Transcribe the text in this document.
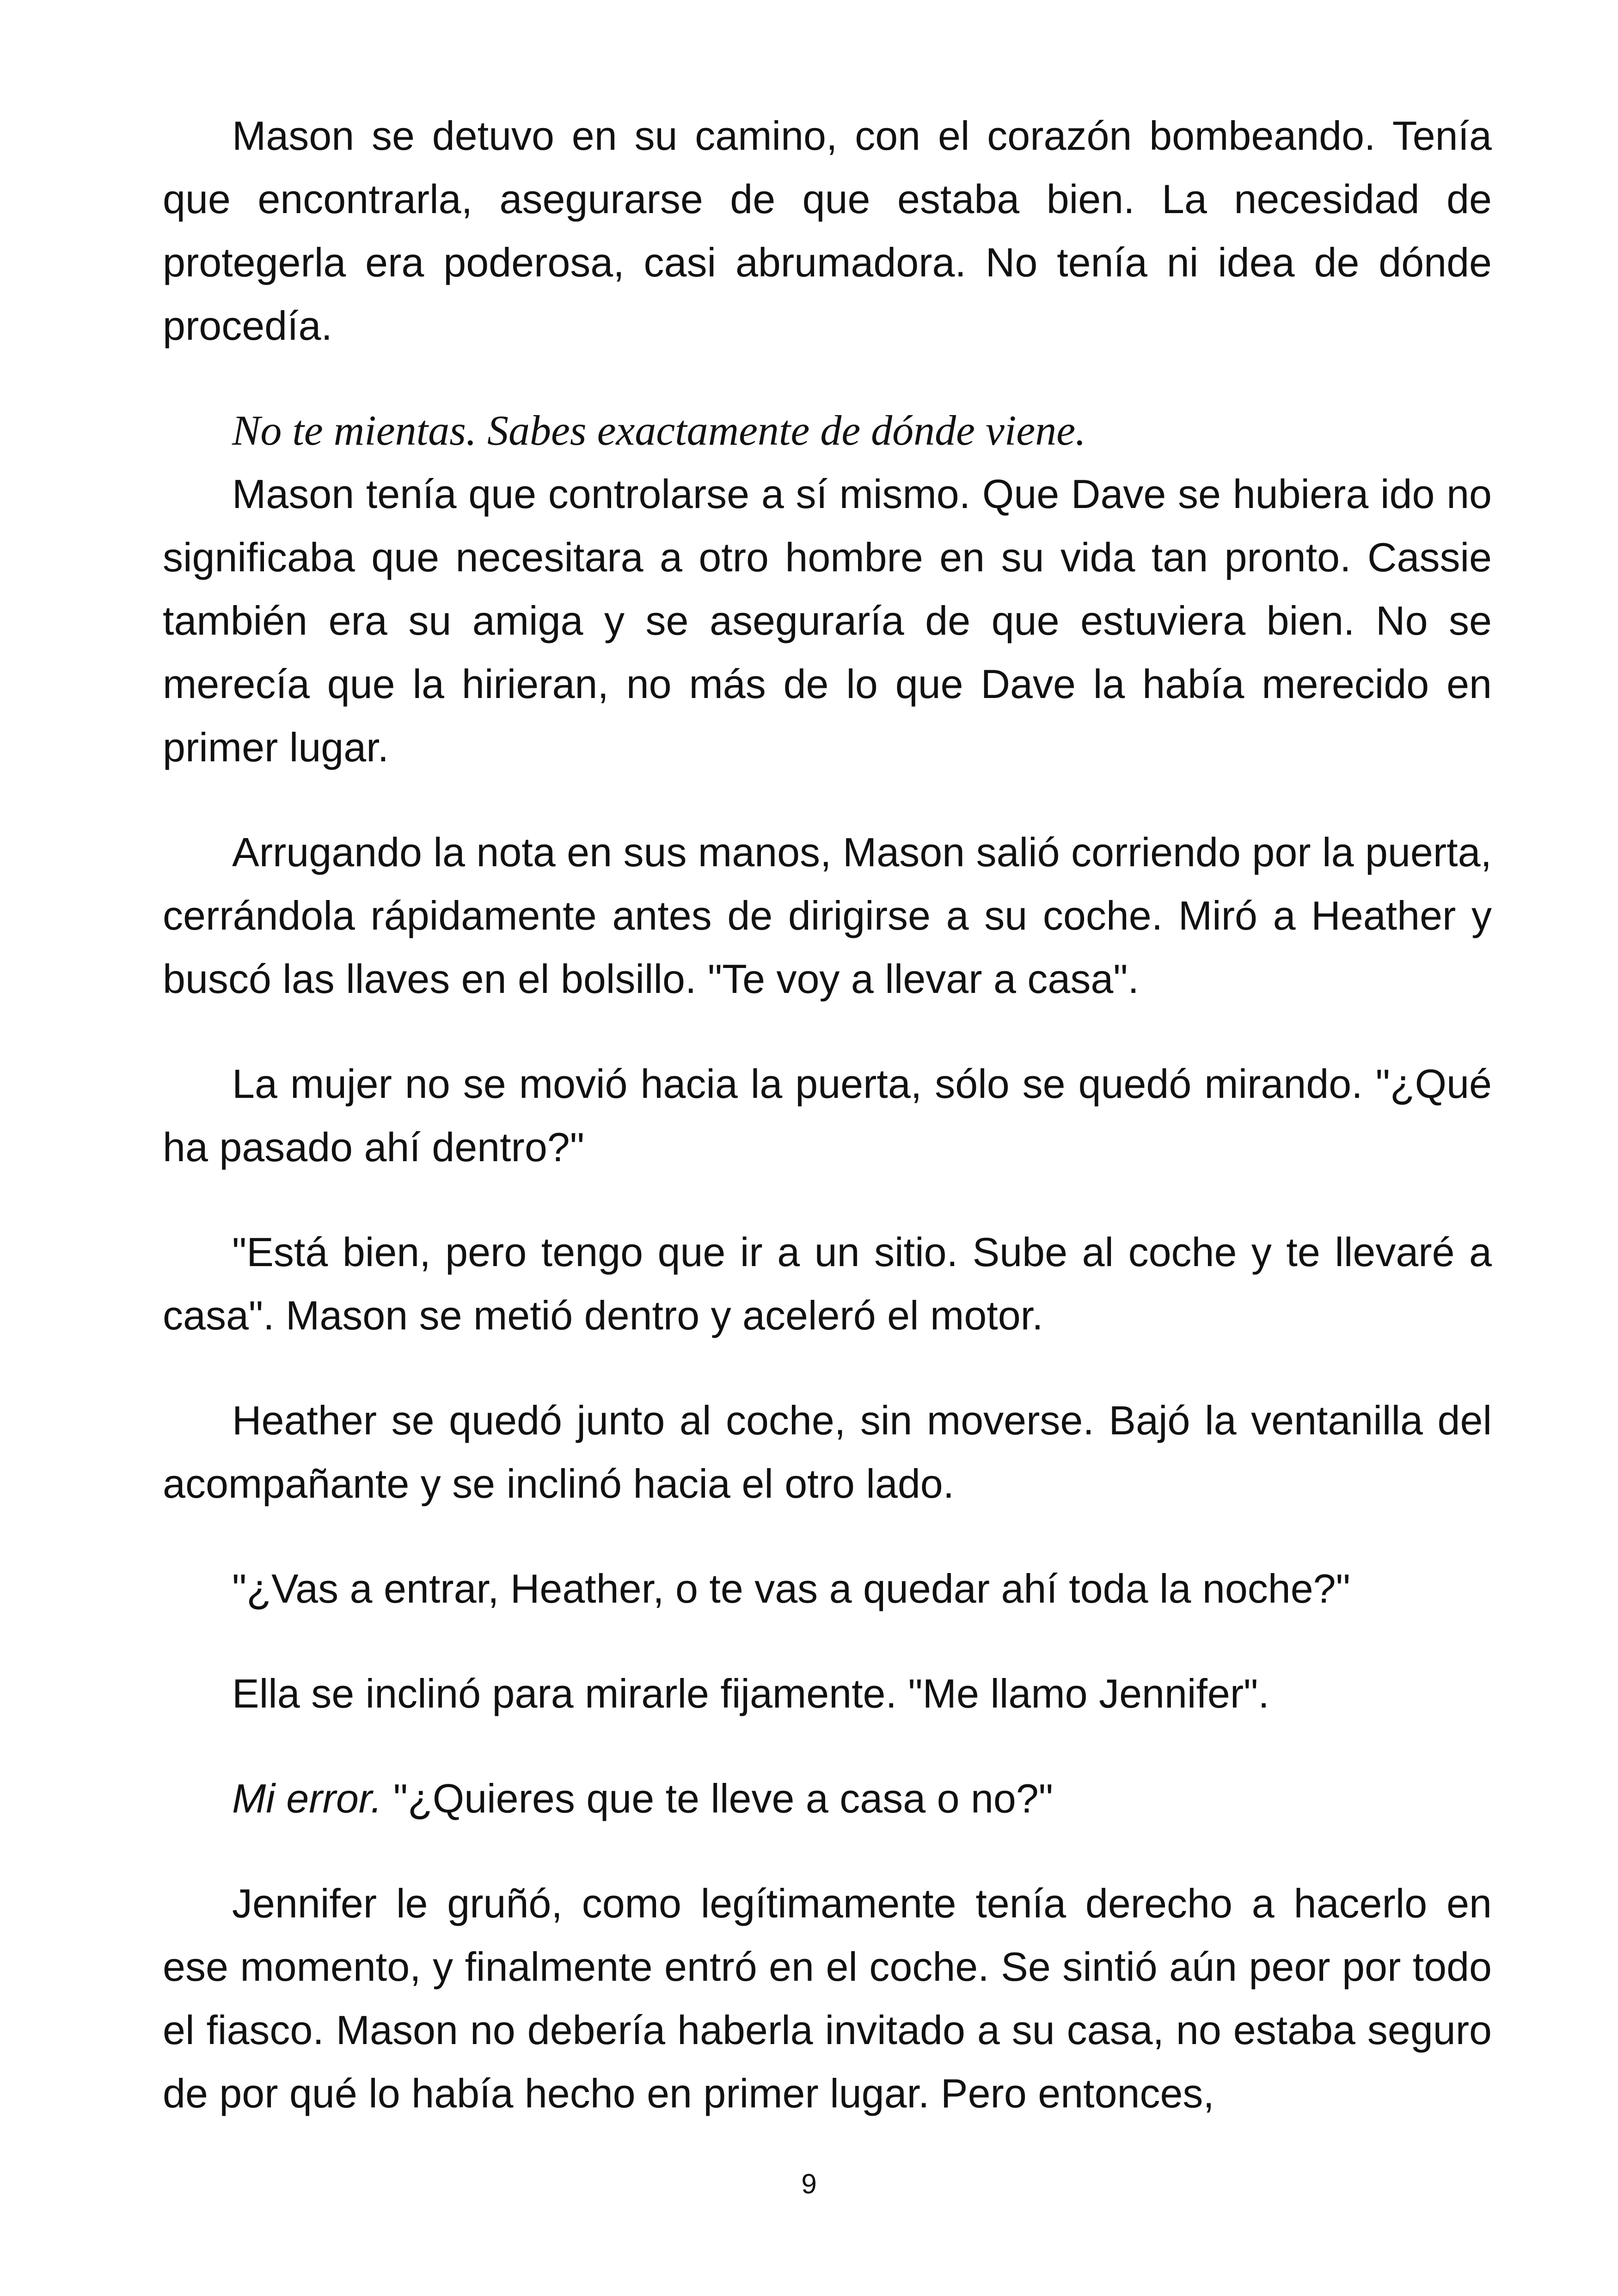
Mason se detuvo en su camino, con el corazón bombeando. Tenía que encontrarla, asegurarse de que estaba bien. La necesidad de protegerla era poderosa, casi abrumadora. No tenía ni idea de dónde procedía.

No te mientas. Sabes exactamente de dónde viene.

Mason tenía que controlarse a sí mismo. Que Dave se hubiera ido no significaba que necesitara a otro hombre en su vida tan pronto. Cassie también era su amiga y se aseguraría de que estuviera bien. No se merecía que la hirieran, no más de lo que Dave la había merecido en primer lugar.

Arrugando la nota en sus manos, Mason salió corriendo por la puerta, cerrándola rápidamente antes de dirigirse a su coche. Miró a Heather y buscó las llaves en el bolsillo. "Te voy a llevar a casa".

La mujer no se movió hacia la puerta, sólo se quedó mirando. "¿Qué ha pasado ahí dentro?"

"Está bien, pero tengo que ir a un sitio. Sube al coche y te llevaré a casa". Mason se metió dentro y aceleró el motor.

Heather se quedó junto al coche, sin moverse. Bajó la ventanilla del acompañante y se inclinó hacia el otro lado.

"¿Vas a entrar, Heather, o te vas a quedar ahí toda la noche?"

Ella se inclinó para mirarle fijamente. "Me llamo Jennifer".

Mi error. "¿Quieres que te lleve a casa o no?"

Jennifer le gruñó, como legítimamente tenía derecho a hacerlo en ese momento, y finalmente entró en el coche. Se sintió aún peor por todo el fiasco. Mason no debería haberla invitado a su casa, no estaba seguro de por qué lo había hecho en primer lugar. Pero entonces,

9
